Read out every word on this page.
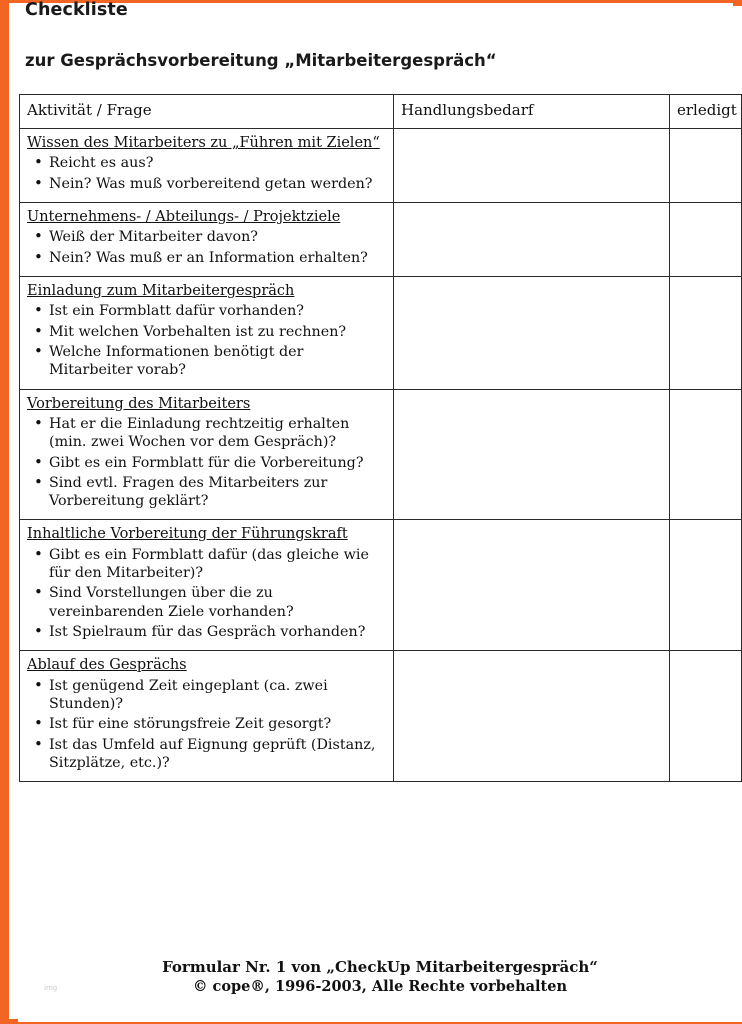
Checkliste
zur Gesprächsvorbereitung „Mitarbeitergespräch“
Aktivität / Frage	Handlungsbedarf	erledigt

Wissen des Mitarbeiters zu „Führen mit Zielen“
• Reicht es aus?
• Nein? Was muß vorbereitend getan werden?

Unternehmens- / Abteilungs- / Projektziele
• Weiß der Mitarbeiter davon?
• Nein? Was muß er an Information erhalten?

Einladung zum Mitarbeitergespräch
• Ist ein Formblatt dafür vorhanden?
• Mit welchen Vorbehalten ist zu rechnen?
• Welche Informationen benötigt der Mitarbeiter vorab?

Vorbereitung des Mitarbeiters
• Hat er die Einladung rechtzeitig erhalten (min. zwei Wochen vor dem Gespräch)?
• Gibt es ein Formblatt für die Vorbereitung?
• Sind evtl. Fragen des Mitarbeiters zur Vorbereitung geklärt?

Inhaltliche Vorbereitung der Führungskraft
• Gibt es ein Formblatt dafür (das gleiche wie für den Mitarbeiter)?
• Sind Vorstellungen über die zu vereinbarenden Ziele vorhanden?
• Ist Spielraum für das Gespräch vorhanden?

Ablauf des Gesprächs
• Ist genügend Zeit eingeplant (ca. zwei Stunden)?
• Ist für eine störungsfreie Zeit gesorgt?
• Ist das Umfeld auf Eignung geprüft (Distanz, Sitzplätze, etc.)?

img
Formular Nr. 1 von „CheckUp Mitarbeitergespräch“
© cope®, 1996-2003, Alle Rechte vorbehalten
